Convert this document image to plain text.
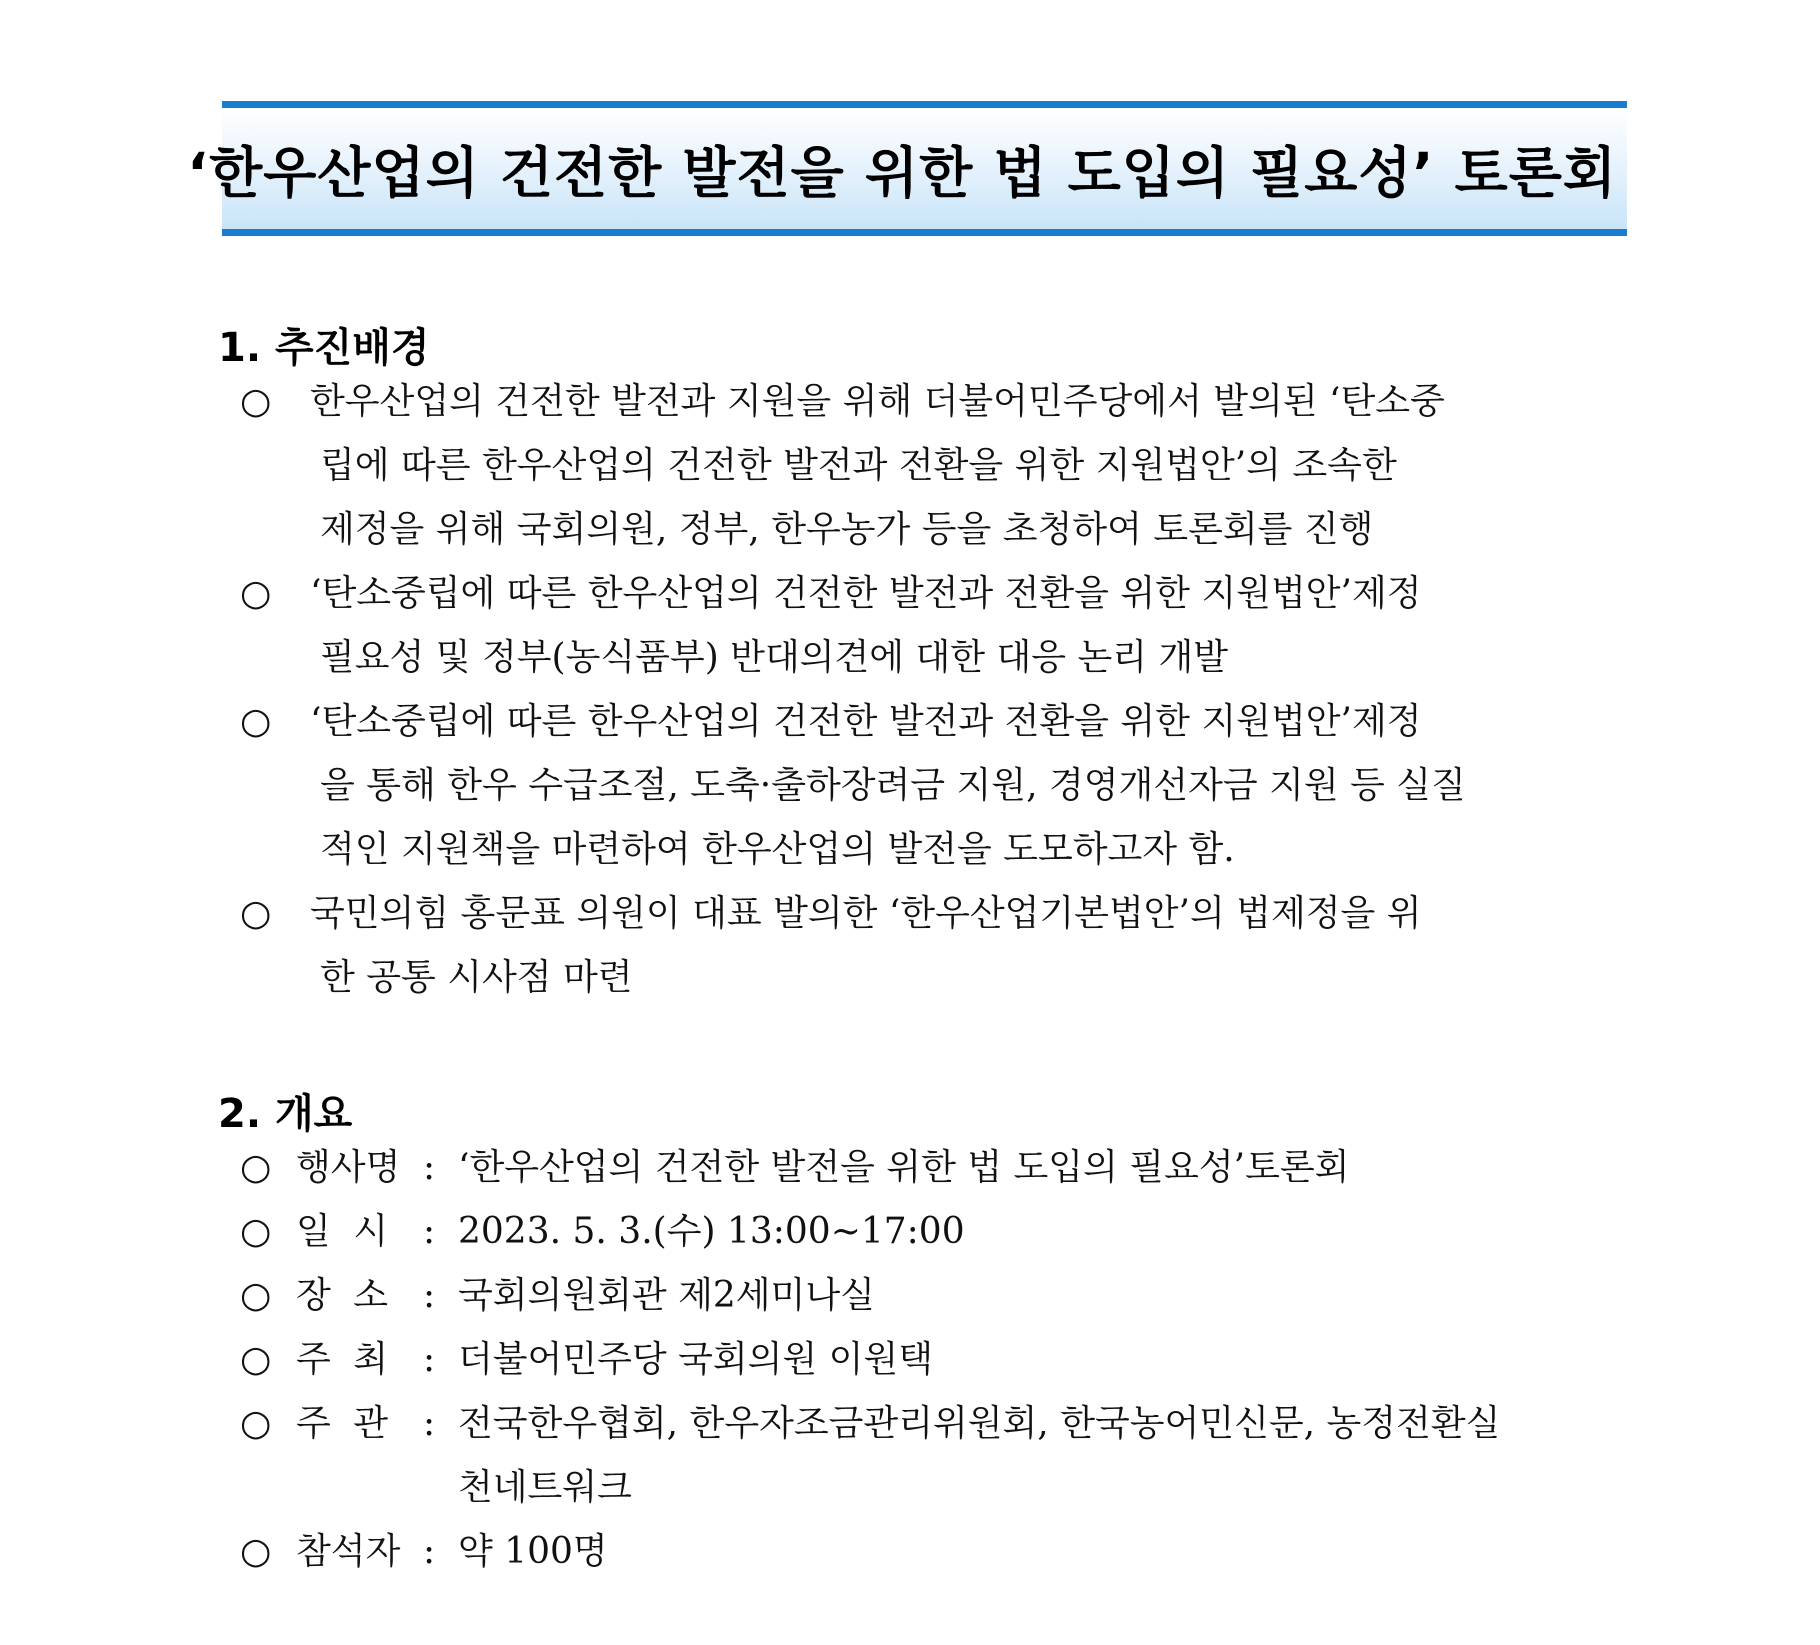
‘한우산업의 건전한 발전을 위한 법 도입의 필요성’ 토론회
1. 추진배경
○	한우산업의 건전한 발전과 지원을 위해 더불어민주당에서 발의된 ‘탄소중
립에 따른 한우산업의 건전한 발전과 전환을 위한 지원법안’의 조속한
제정을 위해 국회의원, 정부, 한우농가 등을 초청하여 토론회를 진행
○	‘탄소중립에 따른 한우산업의 건전한 발전과 전환을 위한 지원법안’제정
필요성 및 정부(농식품부) 반대의견에 대한 대응 논리 개발
○	‘탄소중립에 따른 한우산업의 건전한 발전과 전환을 위한 지원법안’제정
을 통해 한우 수급조절, 도축·출하장려금 지원, 경영개선자금 지원 등 실질
적인 지원책을 마련하여 한우산업의 발전을 도모하고자 함.
○	국민의힘 홍문표 의원이 대표 발의한 ‘한우산업기본법안’의 법제정을 위
한 공통 시사점 마련
2. 개요
○ 행 사 명 : ‘한우산업의 건전한 발전을 위한 법 도입의 필요성’토론회
○ 일 시 : 2023. 5. 3.(수) 13:00~17:00
○ 장 소 : 국회의원회관 제2세미나실
○ 주 최 : 더불어민주당 국회의원 이원택
○ 주 관 : 전국한우협회, 한우자조금관리위원회, 한국농어민신문, 농정전환실
천네트워크
○ 참 석 자 : 약 100명
